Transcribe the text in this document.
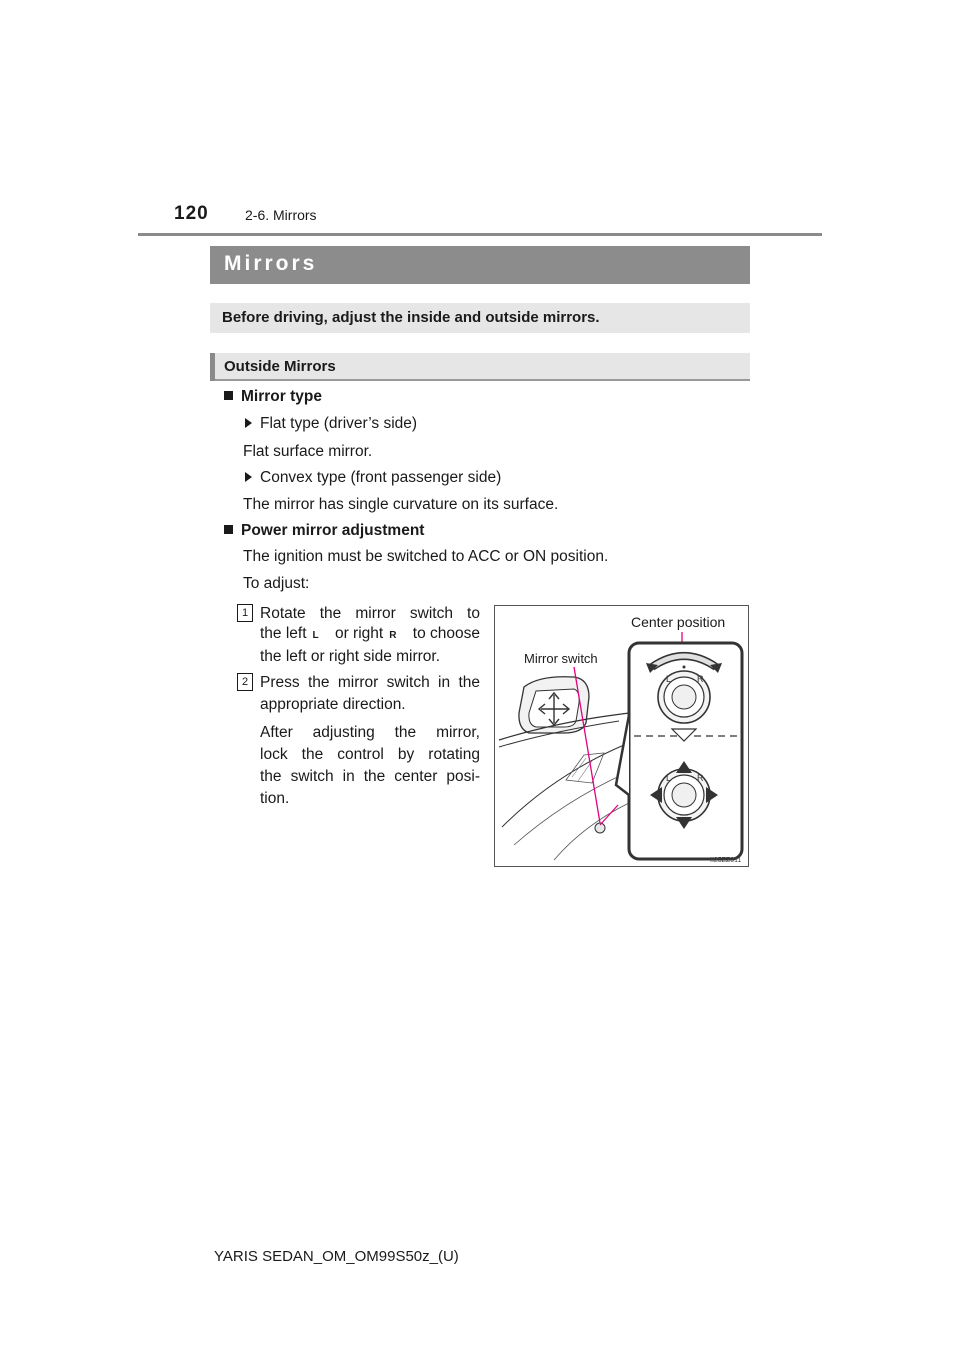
120	2-6. Mirrors
Mirrors
Before driving, adjust the inside and outside mirrors.
Outside Mirrors
Mirror type
Flat type (driver’s side)
Flat surface mirror.
Convex type (front passenger side)
The mirror has single curvature on its surface.
Power mirror adjustment
The ignition must be switched to ACC or ON position.
To adjust:
1 Rotate the mirror switch to
the left L	or right R	to choose
the left or right side mirror.
2 Press the mirror switch in the
appropriate direction.
After adjusting the mirror,
lock the control by rotating
the switch in the center posi-
tion.
L	R
L	R
Center position
Mirror switch
II25ZZ011
YARIS SEDAN_OM_OM99S50z_(U)
